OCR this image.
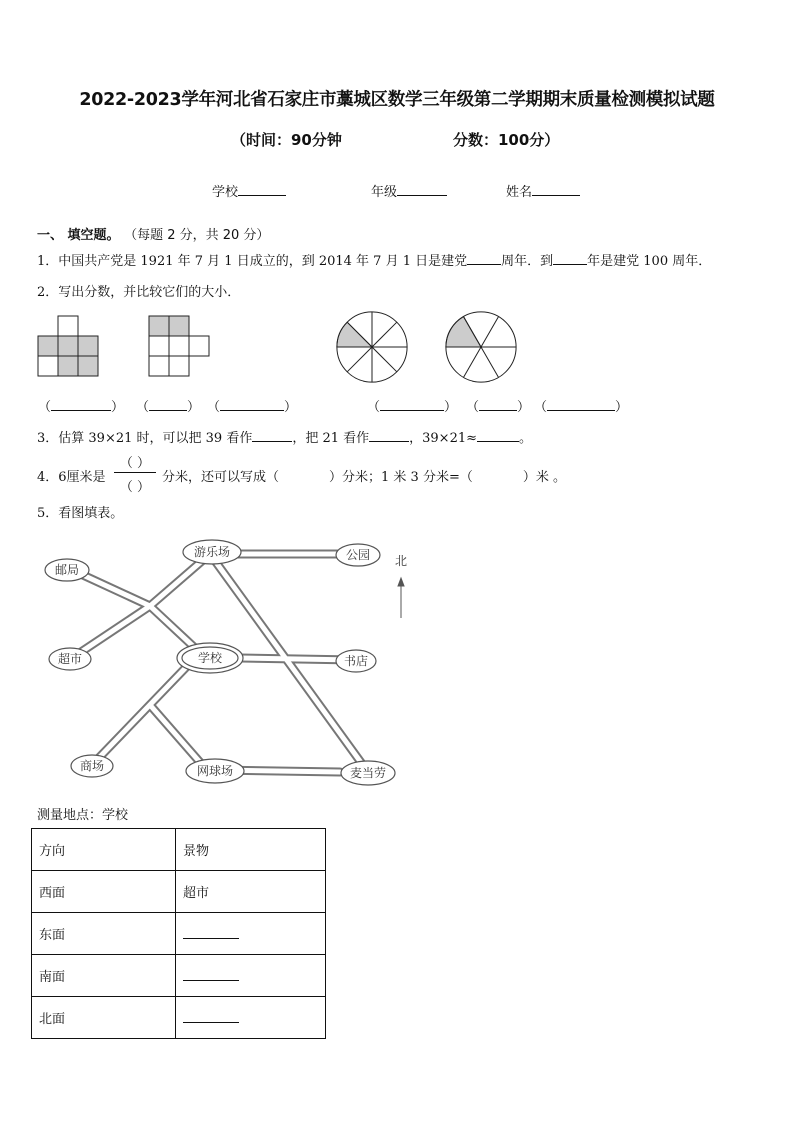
2022-2023学年河北省石家庄市藁城区数学三年级第二学期期末质量检测模拟试题
（时间：90分钟	分数：100分）
学校	年级	姓名
一、 填空题。 （每题 2 分，共 20 分）
1．中国共产党是 1921 年 7 月 1 日成立的，到 2014 年 7 月 1 日是建党	周年．到	年是建党 100 周年．
2．写出分数，并比较它们的大小．
（	） （	） （	）	（	） （	） （	）
3．估算 39×21 时，可以把 39 看作	，把 21 看作	，39×21≈	。
4．6厘米是
（ ）
（ ）
分米，还可以写成（	）分米；1 米 3 分米=（	）米 。
5．看图填表。
邮局
游乐场	公园
超市	学校	书店
商场	网球场	麦当劳
北
测量地点：学校
方向	景物
西面	超市
东面	
南面	
北面	
